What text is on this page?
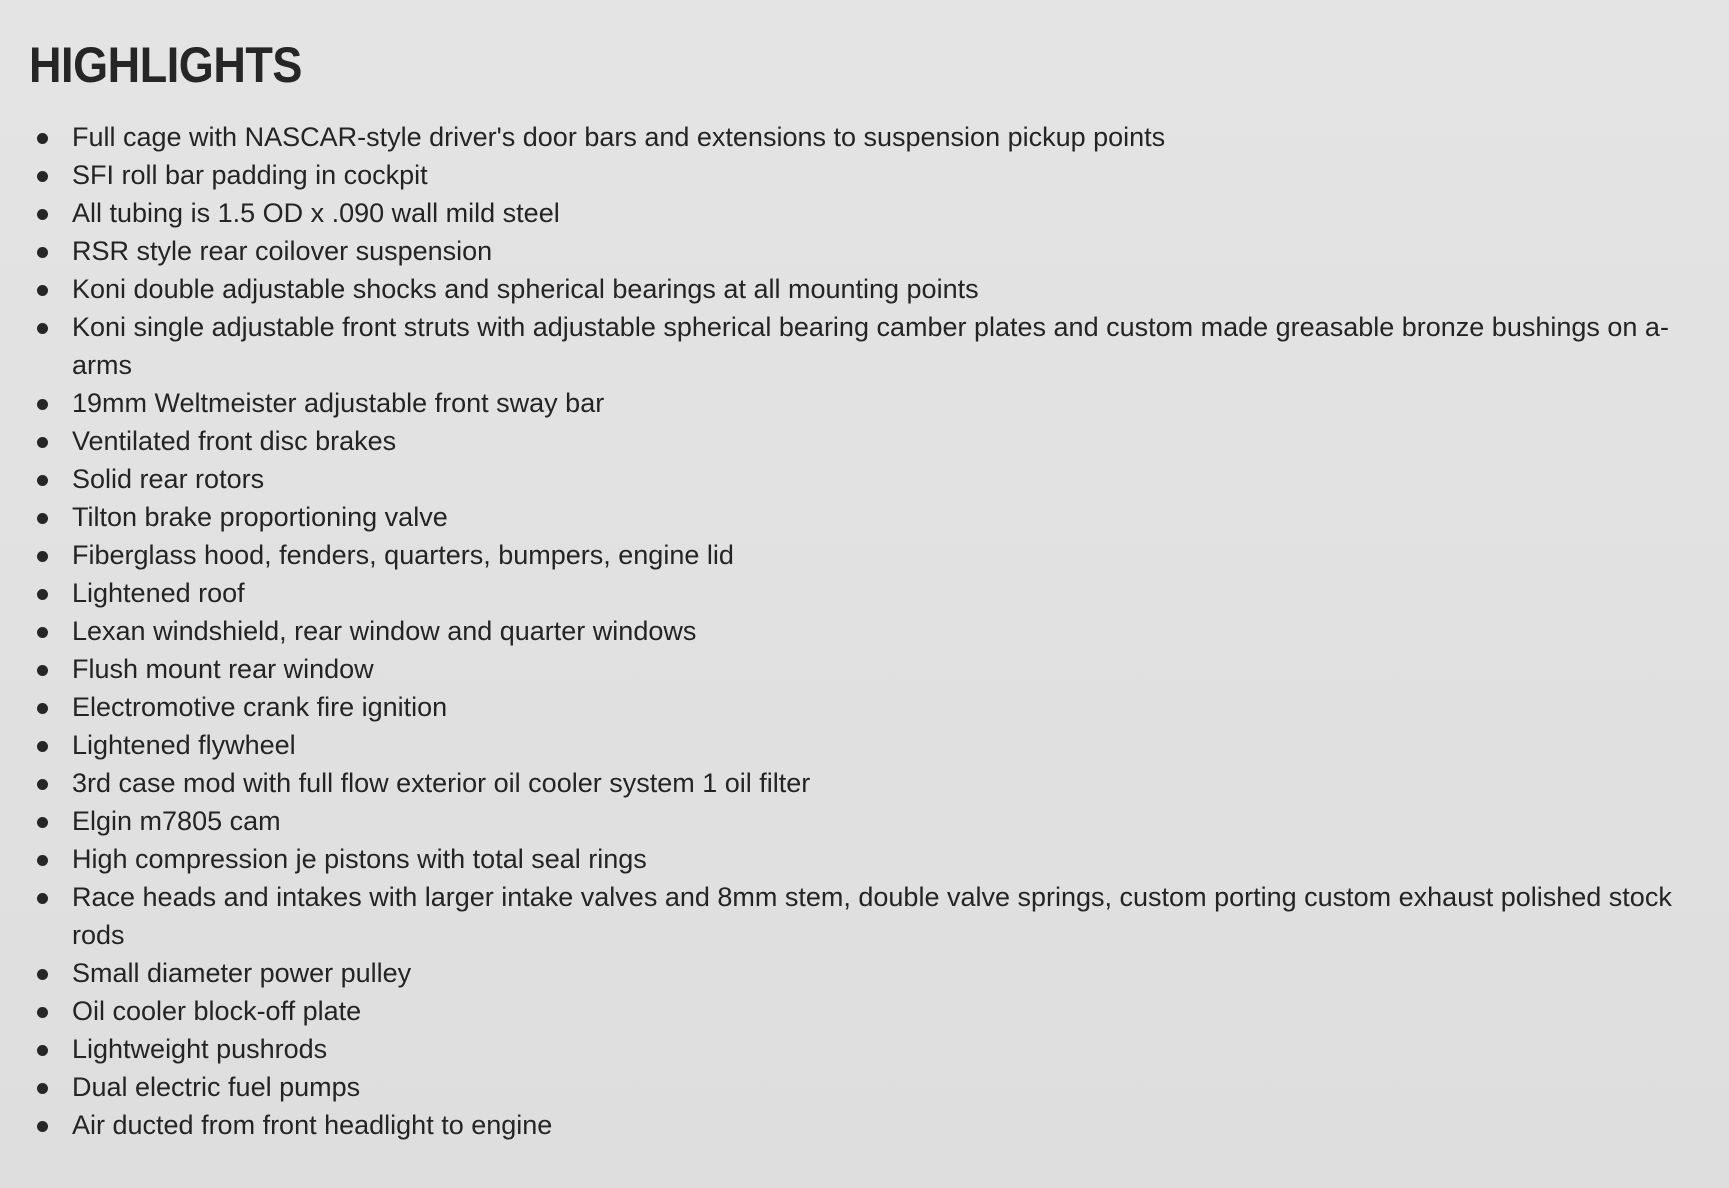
HIGHLIGHTS
Full cage with NASCAR-style driver's door bars and extensions to suspension pickup points
SFI roll bar padding in cockpit
All tubing is 1.5 OD x .090 wall mild steel
RSR style rear coilover suspension
Koni double adjustable shocks and spherical bearings at all mounting points
Koni single adjustable front struts with adjustable spherical bearing camber plates and custom made greasable bronze bushings on a-arms
19mm Weltmeister adjustable front sway bar
Ventilated front disc brakes
Solid rear rotors
Tilton brake proportioning valve
Fiberglass hood, fenders, quarters, bumpers, engine lid
Lightened roof
Lexan windshield, rear window and quarter windows
Flush mount rear window
Electromotive crank fire ignition
Lightened flywheel
3rd case mod with full flow exterior oil cooler system 1 oil filter
Elgin m7805 cam
High compression je pistons with total seal rings
Race heads and intakes with larger intake valves and 8mm stem, double valve springs, custom porting custom exhaust polished stock rods
Small diameter power pulley
Oil cooler block-off plate
Lightweight pushrods
Dual electric fuel pumps
Air ducted from front headlight to engine
